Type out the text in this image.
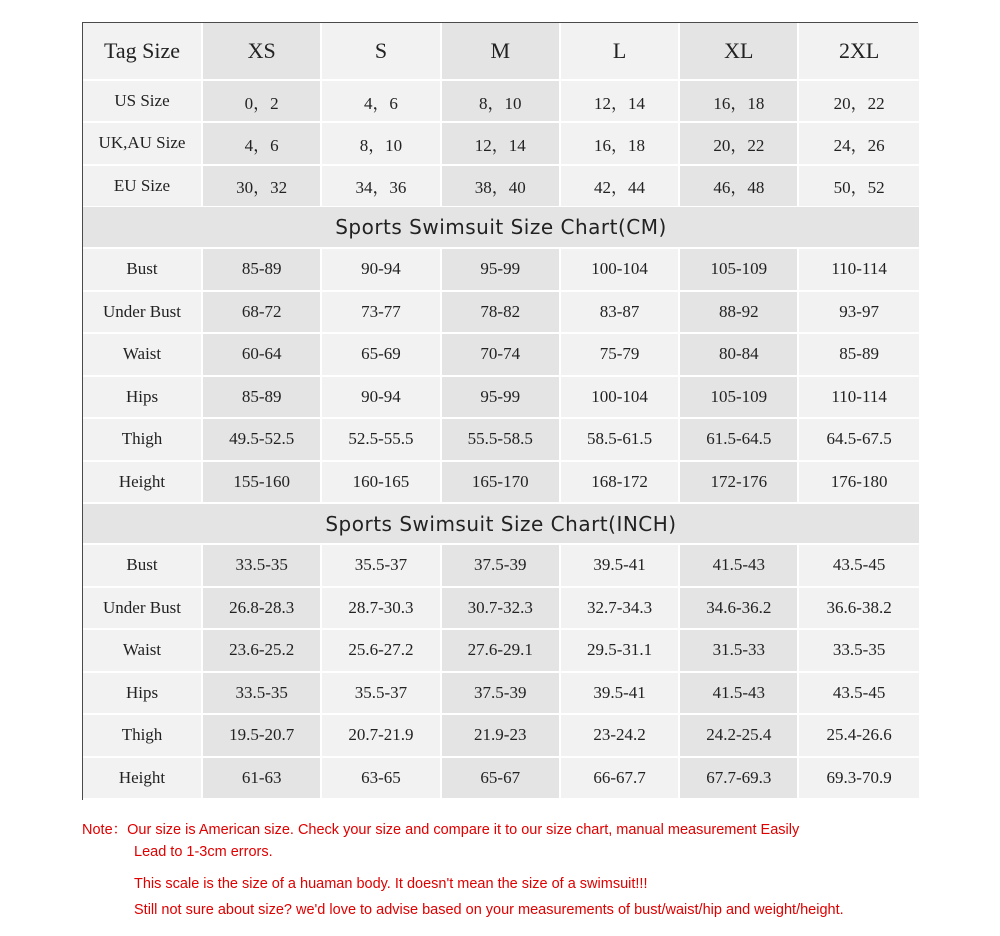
Tag Size	XS	S	M	L	XL	2XL
US Size	0，2	4，6	8，10	12，14	16，18	20，22
UK,AU Size	4，6	8，10	12，14	16，18	20，22	24，26
EU Size	30，32	34，36	38，40	42，44	46，48	50，52
Sports Swimsuit Size Chart(CM)
Bust	85-89	90-94	95-99	100-104	105-109	110-114
Under Bust	68-72	73-77	78-82	83-87	88-92	93-97
Waist	60-64	65-69	70-74	75-79	80-84	85-89
Hips	85-89	90-94	95-99	100-104	105-109	110-114
Thigh	49.5-52.5	52.5-55.5	55.5-58.5	58.5-61.5	61.5-64.5	64.5-67.5
Height	155-160	160-165	165-170	168-172	172-176	176-180
Sports Swimsuit Size Chart(INCH)
Bust	33.5-35	35.5-37	37.5-39	39.5-41	41.5-43	43.5-45
Under Bust	26.8-28.3	28.7-30.3	30.7-32.3	32.7-34.3	34.6-36.2	36.6-38.2
Waist	23.6-25.2	25.6-27.2	27.6-29.1	29.5-31.1	31.5-33	33.5-35
Hips	33.5-35	35.5-37	37.5-39	39.5-41	41.5-43	43.5-45
Thigh	19.5-20.7	20.7-21.9	21.9-23	23-24.2	24.2-25.4	25.4-26.6
Height	61-63	63-65	65-67	66-67.7	67.7-69.3	69.3-70.9
Note：Our size is American size. Check your size and compare it to our size chart, manual measurement Easily
Lead to 1-3cm errors.
This scale is the size of a huaman body. It doesn't mean the size of a swimsuit!!!
Still not sure about size? we'd love to advise based on your measurements of bust/waist/hip and weight/height.
